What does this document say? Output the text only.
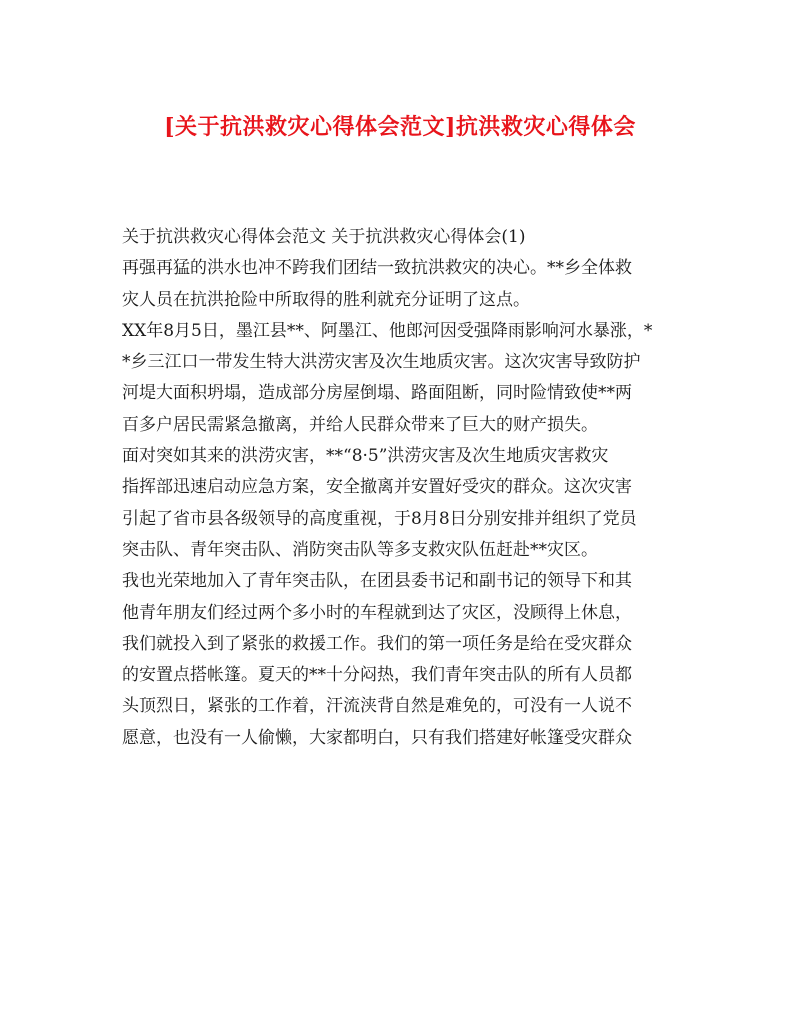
[关于抗洪救灾心得体会范文]抗洪救灾心得体会
关于抗洪救灾心得体会范文 关于抗洪救灾心得体会(1)
再强再猛的洪水也冲不跨我们团结一致抗洪救灾的决心。**乡全体救
灾人员在抗洪抢险中所取得的胜利就充分证明了这点。
XX年8月5日，墨江县**、阿墨江、他郎河因受强降雨影响河水暴涨，*
*乡三江口一带发生特大洪涝灾害及次生地质灾害。这次灾害导致防护
河堤大面积坍塌，造成部分房屋倒塌、路面阻断，同时险情致使**两
百多户居民需紧急撤离，并给人民群众带来了巨大的财产损失。
面对突如其来的洪涝灾害，**“8·5”洪涝灾害及次生地质灾害救灾
指挥部迅速启动应急方案，安全撤离并安置好受灾的群众。这次灾害
引起了省市县各级领导的高度重视，于8月8日分别安排并组织了党员
突击队、青年突击队、消防突击队等多支救灾队伍赶赴**灾区。
我也光荣地加入了青年突击队，在团县委书记和副书记的领导下和其
他青年朋友们经过两个多小时的车程就到达了灾区，没顾得上休息，
我们就投入到了紧张的救援工作。我们的第一项任务是给在受灾群众
的安置点搭帐篷。夏天的**十分闷热，我们青年突击队的所有人员都
头顶烈日，紧张的工作着，汗流浃背自然是难免的，可没有一人说不
愿意，也没有一人偷懒，大家都明白，只有我们搭建好帐篷受灾群众
